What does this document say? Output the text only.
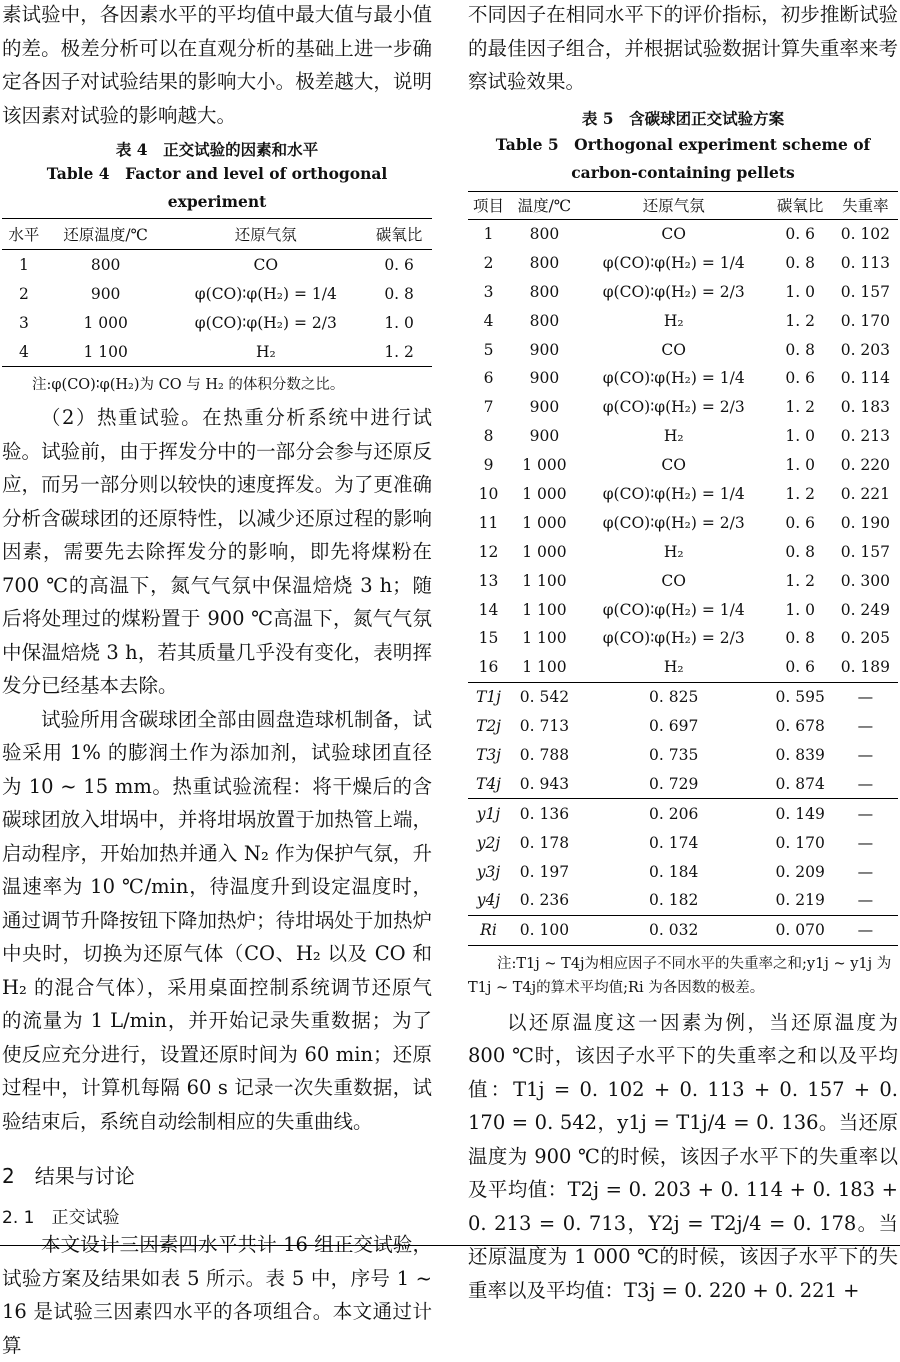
素试验中，各因素水平的平均值中最大值与最小值的差。极差分析可以在直观分析的基础上进一步确定各因子对试验结果的影响大小。极差越大，说明该因素对试验的影响越大。

表 4　正交试验的因素和水平

Table 4　Factor and level of orthogonal experiment

水平	还原温度/℃	还原气氛	碳氧比
1	800	CO	0. 6
2	900	φ(CO)∶φ(H₂) = 1/4	0. 8
3	1 000	φ(CO)∶φ(H₂) = 2/3	1. 0
4	1 100	H₂	1. 2

注:φ(CO)∶φ(H₂)为 CO 与 H₂ 的体积分数之比。

（2）热重试验。在热重分析系统中进行试验。试验前，由于挥发分中的一部分会参与还原反应，而另一部分则以较快的速度挥发。为了更准确分析含碳球团的还原特性，以减少还原过程的影响因素，需要先去除挥发分的影响，即先将煤粉在 700 ℃的高温下，氮气气氛中保温焙烧 3 h；随后将处理过的煤粉置于 900 ℃高温下，氮气气氛中保温焙烧 3 h，若其质量几乎没有变化，表明挥发分已经基本去除。

试验所用含碳球团全部由圆盘造球机制备，试验采用 1% 的膨润土作为添加剂，试验球团直径为 10 ~ 15 mm。热重试验流程：将干燥后的含碳球团放入坩埚中，并将坩埚放置于加热管上端，启动程序，开始加热并通入 N₂ 作为保护气氛，升温速率为 10 ℃/min，待温度升到设定温度时，通过调节升降按钮下降加热炉；待坩埚处于加热炉中央时，切换为还原气体（CO、H₂ 以及 CO 和 H₂ 的混合气体），采用桌面控制系统调节还原气的流量为 1 L/min，并开始记录失重数据；为了使反应充分进行，设置还原时间为 60 min；还原过程中，计算机每隔 60 s 记录一次失重数据，试验结束后，系统自动绘制相应的失重曲线。

2　结果与讨论

2. 1　正交试验

本文设计三因素四水平共计 16 组正交试验，试验方案及结果如表 5 所示。表 5 中，序号 1 ~ 16 是试验三因素四水平的各项组合。本文通过计算

不同因子在相同水平下的评价指标，初步推断试验的最佳因子组合，并根据试验数据计算失重率来考察试验效果。

表 5　含碳球团正交试验方案

Table 5　Orthogonal experiment scheme of

carbon-containing pellets

项目	温度/℃	还原气氛	碳氧比	失重率
1	800	CO	0. 6	0. 102
2	800	φ(CO)∶φ(H₂) = 1/4	0. 8	0. 113
3	800	φ(CO)∶φ(H₂) = 2/3	1. 0	0. 157
4	800	H₂	1. 2	0. 170
5	900	CO	0. 8	0. 203
6	900	φ(CO)∶φ(H₂) = 1/4	0. 6	0. 114
7	900	φ(CO)∶φ(H₂) = 2/3	1. 2	0. 183
8	900	H₂	1. 0	0. 213
9	1 000	CO	1. 0	0. 220
10	1 000	φ(CO)∶φ(H₂) = 1/4	1. 2	0. 221
11	1 000	φ(CO)∶φ(H₂) = 2/3	0. 6	0. 190
12	1 000	H₂	0. 8	0. 157
13	1 100	CO	1. 2	0. 300
14	1 100	φ(CO)∶φ(H₂) = 1/4	1. 0	0. 249
15	1 100	φ(CO)∶φ(H₂) = 2/3	0. 8	0. 205
16	1 100	H₂	0. 6	0. 189
T1j	0. 542	0. 825	0. 595	—
T2j	0. 713	0. 697	0. 678	—
T3j	0. 788	0. 735	0. 839	—
T4j	0. 943	0. 729	0. 874	—
y1j	0. 136	0. 206	0. 149	—
y2j	0. 178	0. 174	0. 170	—
y3j	0. 197	0. 184	0. 209	—
y4j	0. 236	0. 182	0. 219	—
Ri	0. 100	0. 032	0. 070	—

注:T1j ~ T4j为相应因子不同水平的失重率之和;y1j ~ y1j 为 T1j ~ T4j的算术平均值;Ri 为各因数的极差。

以还原温度这一因素为例，当还原温度为 800 ℃时，该因子水平下的失重率之和以及平均值：T1j = 0. 102 + 0. 113 + 0. 157 + 0. 170 = 0. 542，y1j = T1j/4 = 0. 136。当还原温度为 900 ℃的时候，该因子水平下的失重率以及平均值：T2j = 0. 203 + 0. 114 + 0. 183 + 0. 213 = 0. 713，Y2j = T2j/4 = 0. 178。当还原温度为 1 000 ℃的时候，该因子水平下的失重率以及平均值：T3j = 0. 220 + 0. 221 +
